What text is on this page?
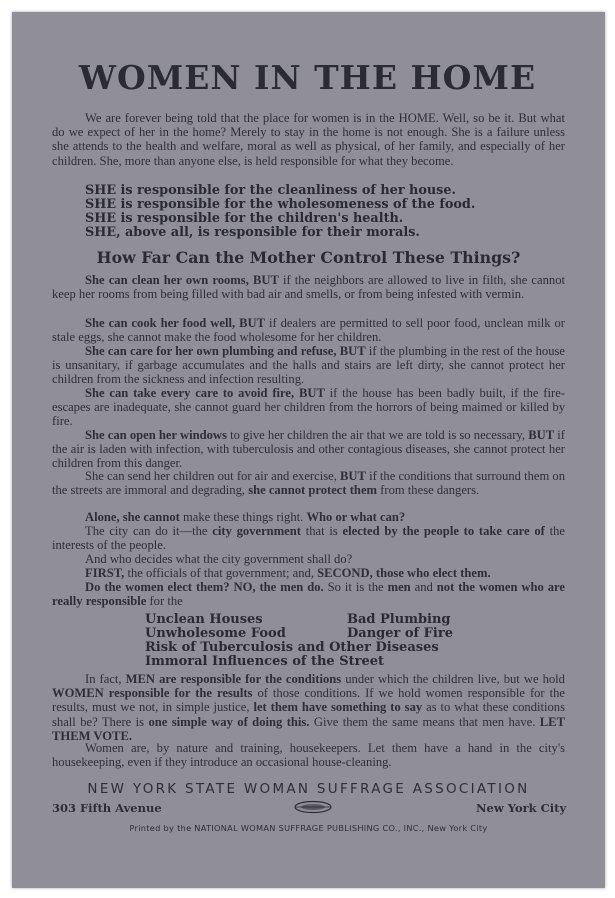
WOMEN IN THE HOME
We are forever being told that the place for women is in the HOME. Well, so be it. But what do we expect of her in the home? Merely to stay in the home is not enough. She is a failure unless she attends to the health and welfare, moral as well as physical, of her family, and especially of her children. She, more than anyone else, is held responsible for what they become.
SHE is responsible for the cleanliness of her house.
SHE is responsible for the wholesomeness of the food.
SHE is responsible for the children's health.
SHE, above all, is responsible for their morals.
How Far Can the Mother Control These Things?
She can clean her own rooms, BUT if the neighbors are allowed to live in filth, she cannot keep her rooms from being filled with bad air and smells, or from being infested with vermin.
She can cook her food well, BUT if dealers are permitted to sell poor food, unclean milk or stale eggs, she cannot make the food wholesome for her children.
She can care for her own plumbing and refuse, BUT if the plumbing in the rest of the house is unsanitary, if garbage accumulates and the halls and stairs are left dirty, she cannot protect her children from the sickness and infection resulting.
She can take every care to avoid fire, BUT if the house has been badly built, if the fire-escapes are inadequate, she cannot guard her children from the horrors of being maimed or killed by fire.
She can open her windows to give her children the air that we are told is so necessary, BUT if the air is laden with infection, with tuberculosis and other contagious diseases, she cannot protect her children from this danger.
She can send her children out for air and exercise, BUT if the conditions that surround them on the streets are immoral and degrading, she cannot protect them from these dangers.
Alone, she cannot make these things right. Who or what can?
The city can do it—the city government that is elected by the people to take care of the interests of the people.
And who decides what the city government shall do?
FIRST, the officials of that government; and, SECOND, those who elect them.
Do the women elect them? NO, the men do. So it is the men and not the women who are really responsible for the
Unclean Houses	Bad Plumbing
Unwholesome Food	Danger of Fire
Risk of Tuberculosis and Other Diseases
Immoral Influences of the Street
In fact, MEN are responsible for the conditions under which the children live, but we hold WOMEN responsible for the results of those conditions. If we hold women responsible for the results, must we not, in simple justice, let them have something to say as to what these conditions shall be? There is one simple way of doing this. Give them the same means that men have. LET THEM VOTE.
Women are, by nature and training, housekeepers. Let them have a hand in the city's housekeeping, even if they introduce an occasional house-cleaning.
NEW YORK STATE WOMAN SUFFRAGE ASSOCIATION
303 Fifth Avenue	New York City
Printed by the NATIONAL WOMAN SUFFRAGE PUBLISHING CO., INC., New York City
